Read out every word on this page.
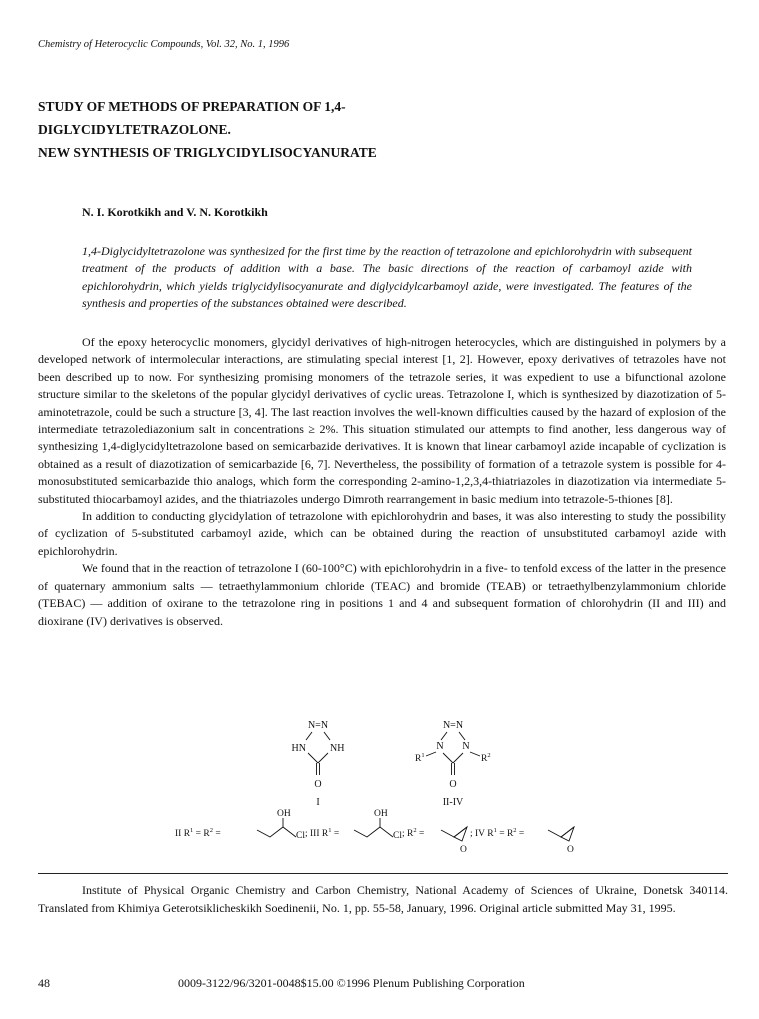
Chemistry of Heterocyclic Compounds, Vol. 32, No. 1, 1996
STUDY OF METHODS OF PREPARATION OF 1,4-
DIGLYCIDYLTETRAZOLONE.
NEW SYNTHESIS OF TRIGLYCIDYLISOCYANURATE
N. I. Korotkikh and V. N. Korotkikh
1,4-Diglycidyltetrazolone was synthesized for the first time by the reaction of tetrazolone and epichlorohydrin with subsequent treatment of the products of addition with a base. The basic directions of the reaction of carbamoyl azide with epichlorohydrin, which yields triglycidylisocyanurate and diglycidylcarbamoyl azide, were investigated. The features of the synthesis and properties of the substances obtained were described.

Of the epoxy heterocyclic monomers, glycidyl derivatives of high-nitrogen heterocycles, which are distinguished in polymers by a developed network of intermolecular interactions, are stimulating special interest [1, 2]. However, epoxy derivatives of tetrazoles have not been described up to now. For synthesizing promising monomers of the tetrazole series, it was expedient to use a bifunctional azolone structure similar to the skeletons of the popular glycidyl derivatives of cyclic ureas. Tetrazolone I, which is synthesized by diazotization of 5-aminotetrazole, could be such a structure [3, 4]. The last reaction involves the well-known difficulties caused by the hazard of explosion of the intermediate tetrazolediazonium salt in concentrations ≥ 2%. This situation stimulated our attempts to find another, less dangerous way of synthesizing 1,4-diglycidyltetrazolone based on semicarbazide derivatives. It is known that linear carbamoyl azide incapable of cyclization is obtained as a result of diazotization of semicarbazide [6, 7]. Nevertheless, the possibility of formation of a tetrazole system is possible for 4-monosubstituted semicarbazide thio analogs, which form the corresponding 2-amino-1,2,3,4-thiatriazoles in diazotization via intermediate 5-substituted thiocarbamoyl azides, and the thiatriazoles undergo Dimroth rearrangement in basic medium into tetrazole-5-thiones [8].

In addition to conducting glycidylation of tetrazolone with epichlorohydrin and bases, it was also interesting to study the possibility of cyclization of 5-substituted carbamoyl azide, which can be obtained during the reaction of unsubstituted carbamoyl azide with epichlorohydrin.

We found that in the reaction of tetrazolone I (60-100°C) with epichlorohydrin in a five- to tenfold excess of the latter in the presence of quaternary ammonium salts — tetraethylammonium chloride (TEAC) and bromide (TEAB) or tetraethylbenzylammonium chloride (TEBAC) — addition of oxirane to the tetrazolone ring in positions 1 and 4 and subsequent formation of chlorohydrin (II and III) and dioxirane (IV) derivatives is observed.

N=N
HN NH
O
I
N=N
N N
$R^1$	$R^2$
O
II-IV
II $R^1 = R^2$ =
OH
Cl ; III $R^1$ =
OH
Cl ; $R^2$ =
O
; IV $R^1 = R^2$ =
O
Institute of Physical Organic Chemistry and Carbon Chemistry, National Academy of Sciences of Ukraine, Donetsk 340114. Translated from Khimiya Geterotsiklicheskikh Soedinenii, No. 1, pp. 55-58, January, 1996. Original article submitted May 31, 1995.
48	0009-3122/96/3201-0048$15.00 ©1996 Plenum Publishing Corporation
